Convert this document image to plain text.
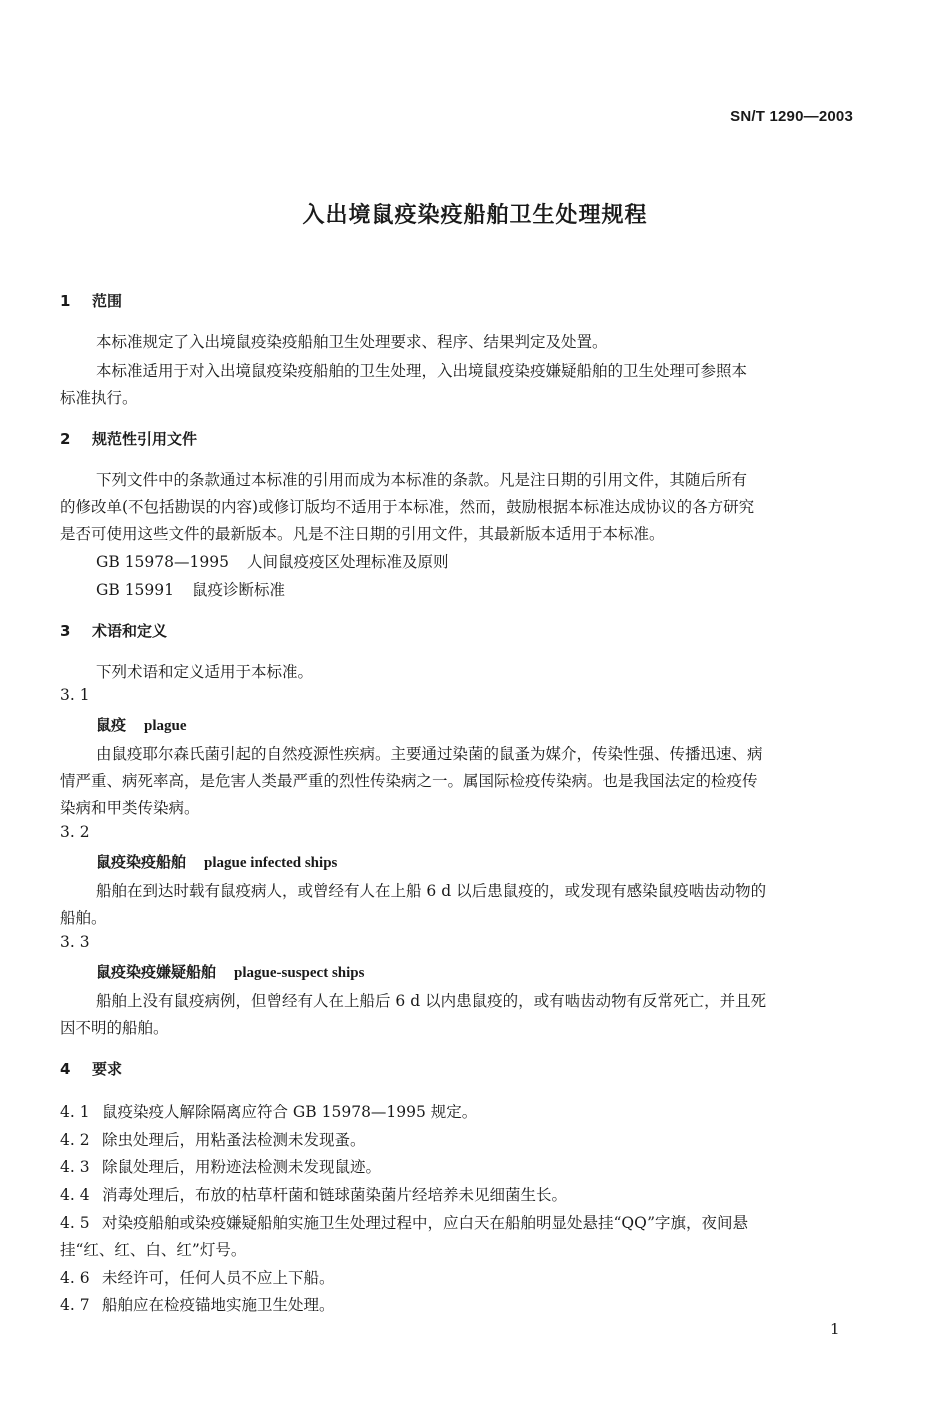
SN/T 1290—2003
入出境鼠疫染疫船舶卫生处理规程
1 范围
本标准规定了入出境鼠疫染疫船舶卫生处理要求、程序、结果判定及处置。
本标准适用于对入出境鼠疫染疫船舶的卫生处理，入出境鼠疫染疫嫌疑船舶的卫生处理可参照本
标准执行。
2 规范性引用文件
下列文件中的条款通过本标准的引用而成为本标准的条款。凡是注日期的引用文件，其随后所有
的修改单(不包括勘误的内容)或修订版均不适用于本标准，然而，鼓励根据本标准达成协议的各方研究
是否可使用这些文件的最新版本。凡是不注日期的引用文件，其最新版本适用于本标准。
GB 15978—1995 人间鼠疫疫区处理标准及原则
GB 15991 鼠疫诊断标准
3 术语和定义
下列术语和定义适用于本标准。
3. 1
鼠疫 plague
由鼠疫耶尔森氏菌引起的自然疫源性疾病。主要通过染菌的鼠蚤为媒介，传染性强、传播迅速、病
情严重、病死率高，是危害人类最严重的烈性传染病之一。属国际检疫传染病。也是我国法定的检疫传
染病和甲类传染病。
3. 2
鼠疫染疫船舶 plague infected ships
船舶在到达时载有鼠疫病人，或曾经有人在上船 6 d 以后患鼠疫的，或发现有感染鼠疫啮齿动物的
船舶。
3. 3
鼠疫染疫嫌疑船舶 plague-suspect ships
船舶上没有鼠疫病例，但曾经有人在上船后 6 d 以内患鼠疫的，或有啮齿动物有反常死亡，并且死
因不明的船舶。
4 要求
4. 1 鼠疫染疫人解除隔离应符合 GB 15978—1995 规定。
4. 2 除虫处理后，用粘蚤法检测未发现蚤。
4. 3 除鼠处理后，用粉迹法检测未发现鼠迹。
4. 4 消毒处理后，布放的枯草杆菌和链球菌染菌片经培养未见细菌生长。
4. 5 对染疫船舶或染疫嫌疑船舶实施卫生处理过程中，应白天在船舶明显处悬挂“QQ”字旗，夜间悬
挂“红、红、白、红”灯号。
4. 6 未经许可，任何人员不应上下船。
4. 7 船舶应在检疫锚地实施卫生处理。
1
